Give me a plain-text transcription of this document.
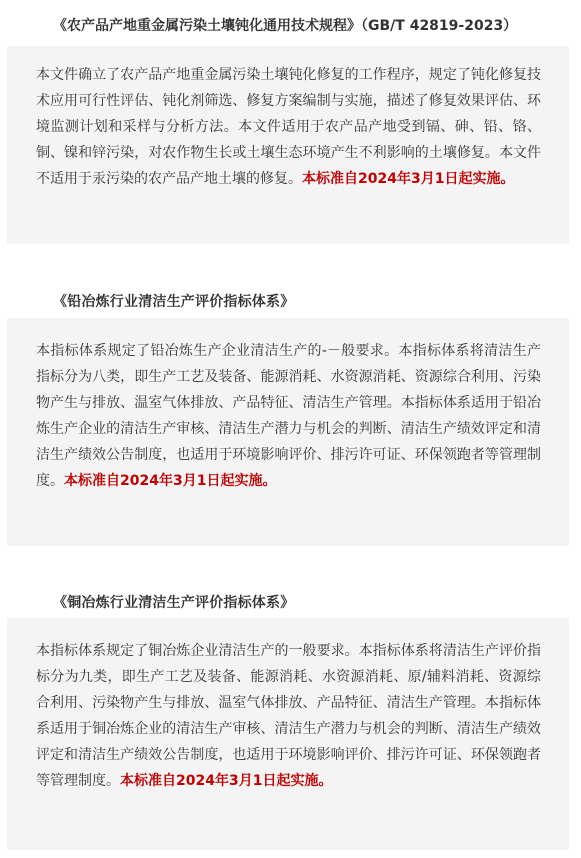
《农产品产地重金属污染土壤钝化通用技术规程》（GB/T 42819-2023）

本文件确立了农产品产地重金属污染土壤钝化修复的工作程序，规定了钝化修复技术应用可行性评估、钝化剂筛选、修复方案编制与实施，描述了修复效果评估、环境监测计划和采样与分析方法。本文件适用于农产品产地受到镉、砷、铅、铬、铜、镍和锌污染，对农作物生长或土壤生态环境产生不利影响的土壤修复。本文件不适用于汞污染的农产品产地土壤的修复。本标准自2024年3月1日起实施。

《铅冶炼行业清洁生产评价指标体系》

本指标体系规定了铅冶炼生产企业清洁生产的-－般要求。本指标体系将清洁生产指标分为八类，即生产工艺及装备、能源消耗、水资源消耗、资源综合利用、污染物产生与排放、温室气体排放、产品特征、清洁生产管理。本指标体系适用于铅冶炼生产企业的清洁生产审核、清洁生产潜力与机会的判断、清洁生产绩效评定和清洁生产绩效公告制度，也适用于环境影响评价、排污许可证、环保领跑者等管理制度。本标准自2024年3月1日起实施。

《铜冶炼行业清洁生产评价指标体系》

本指标体系规定了铜冶炼企业清洁生产的一般要求。本指标体系将清洁生产评价指标分为九类，即生产工艺及装备、能源消耗、水资源消耗、原/辅料消耗、资源综合利用、污染物产生与排放、温室气体排放、产品特征、清洁生产管理。本指标体系适用于铜冶炼企业的清洁生产审核、清洁生产潜力与机会的判断、清洁生产绩效评定和清洁生产绩效公告制度，也适用于环境影响评价、排污许可证、环保领跑者等管理制度。本标准自2024年3月1日起实施。
